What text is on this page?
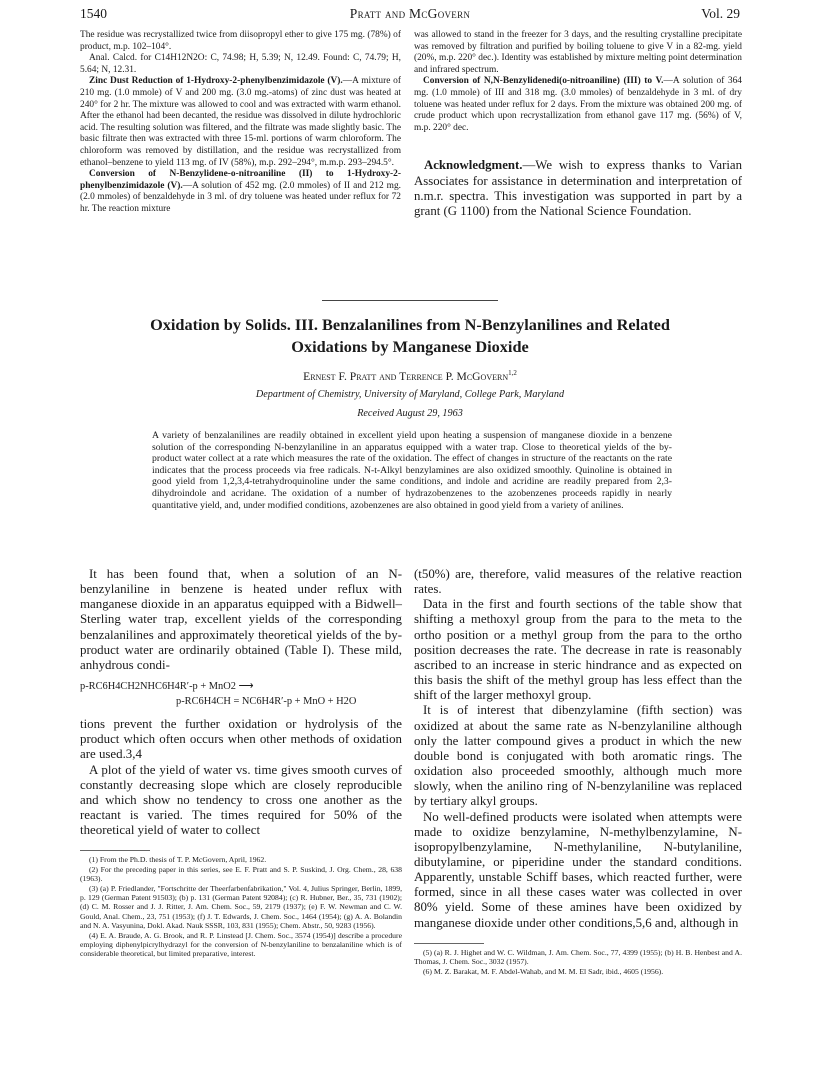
1540	Pratt and McGovern	Vol. 29

The residue was recrystallized twice from diisopropyl ether to give 175 mg. (78%) of product, m.p. 102–104°.

Anal. Calcd. for C14H12N2O: C, 74.98; H, 5.39; N, 12.49. Found: C, 74.79; H, 5.64; N, 12.31.

Zinc Dust Reduction of 1-Hydroxy-2-phenylbenzimidazole (V).—A mixture of 210 mg. (1.0 mmole) of V and 200 mg. (3.0 mg.-atoms) of zinc dust was heated at 240° for 2 hr. The mixture was allowed to cool and was extracted with warm ethanol. After the ethanol had been decanted, the residue was dissolved in dilute hydrochloric acid. The resulting solution was filtered, and the filtrate was made slightly basic. The basic filtrate then was extracted with three 15-ml. portions of warm chloroform. The chloroform was removed by distillation, and the residue was recrystallized from ethanol–benzene to yield 113 mg. of IV (58%), m.p. 292–294°, m.m.p. 293–294.5°.

Conversion of N-Benzylidene-o-nitroaniline (II) to 1-Hydroxy-2-phenylbenzimidazole (V).—A solution of 452 mg. (2.0 mmoles) of II and 212 mg. (2.0 mmoles) of benzaldehyde in 3 ml. of dry toluene was heated under reflux for 72 hr. The reaction mixture

was allowed to stand in the freezer for 3 days, and the resulting crystalline precipitate was removed by filtration and purified by boiling toluene to give V in a 82-mg. yield (20%, m.p. 220° dec.). Identity was established by mixture melting point determination and infrared spectrum.

Conversion of N,N-Benzylidenedi(o-nitroaniline) (III) to V.—A solution of 364 mg. (1.0 mmole) of III and 318 mg. (3.0 mmoles) of benzaldehyde in 3 ml. of dry toluene was heated under reflux for 2 days. From the mixture was obtained 200 mg. of crude product which upon recrystallization from ethanol gave 117 mg. (56%) of V, m.p. 220° dec.

Acknowledgment.—We wish to express thanks to Varian Associates for assistance in determination and interpretation of n.m.r. spectra. This investigation was supported in part by a grant (G 1100) from the National Science Foundation.

Oxidation by Solids. III. Benzalanilines from N-Benzylanilines and Related
Oxidations by Manganese Dioxide
Ernest F. Pratt and Terrence P. McGovern$^{1,2}$
Department of Chemistry, University of Maryland, College Park, Maryland
Received August 29, 1963
A variety of benzalanilines are readily obtained in excellent yield upon heating a suspension of manganese dioxide in a benzene solution of the corresponding N-benzylaniline in an apparatus equipped with a water trap. Close to theoretical yields of the by-product water collect at a rate which measures the rate of the oxidation. The effect of changes in structure of the reactants on the rate indicates that the process proceeds via free radicals. N-t-Alkyl benzylamines are also oxidized smoothly. Quinoline is obtained in good yield from 1,2,3,4-tetrahydroquinoline under the same conditions, and indole and acridine are readily prepared from 2,3-dihydroindole and acridane. The oxidation of a number of hydrazobenzenes to the azobenzenes proceeds rapidly in nearly quantitative yield, and, under modified conditions, azobenzenes are also obtained in good yield from a variety of anilines.

It has been found that, when a solution of an N-benzylaniline in benzene is heated under reflux with manganese dioxide in an apparatus equipped with a Bidwell–Sterling water trap, excellent yields of the corresponding benzalanilines and approximately theoretical yields of the by-product water are ordinarily obtained (Table I). These mild, anhydrous condi-

p-RC6H4CH2NHC6H4R′-p + MnO2 ⟶
p-RC6H4CH = NC6H4R′-p + MnO + H2O

tions prevent the further oxidation or hydrolysis of the product which often occurs when other methods of oxidation are used.3,4

A plot of the yield of water vs. time gives smooth curves of constantly decreasing slope which are closely reproducible and which show no tendency to cross one another as the reactant is varied. The times required for 50% of the theoretical yield of water to collect

(1) From the Ph.D. thesis of T. P. McGovern, April, 1962.

(2) For the preceding paper in this series, see E. F. Pratt and S. P. Suskind, J. Org. Chem., 28, 638 (1963).

(3) (a) P. Friedlander, "Fortschritte der Theerfarbenfabrikation," Vol. 4, Julius Springer, Berlin, 1899, p. 129 (German Patent 91503); (b) p. 131 (German Patent 92084); (c) R. Hubner, Ber., 35, 731 (1902); (d) C. M. Rosser and J. J. Ritter, J. Am. Chem. Soc., 59, 2179 (1937); (e) F. W. Newman and C. W. Gould, Anal. Chem., 23, 751 (1953); (f) J. T. Edwards, J. Chem. Soc., 1464 (1954); (g) A. A. Bolandin and N. A. Vasyunina, Dokl. Akad. Nauk SSSR, 103, 831 (1955); Chem. Abstr., 50, 9283 (1956).

(4) E. A. Braude, A. G. Brook, and R. P. Linstead [J. Chem. Soc., 3574 (1954)] describe a procedure employing diphenylpicrylhydrazyl for the conversion of N-benzylaniline to benzalaniline which is of considerable theoretical, but limited preparative, interest.

(t50%) are, therefore, valid measures of the relative reaction rates.

Data in the first and fourth sections of the table show that shifting a methoxyl group from the para to the meta to the ortho position or a methyl group from the para to the ortho position decreases the rate. The decrease in rate is reasonably ascribed to an increase in steric hindrance and as expected on this basis the shift of the methyl group has less effect than the shift of the larger methoxyl group.

It is of interest that dibenzylamine (fifth section) was oxidized at about the same rate as N-benzylaniline although only the latter compound gives a product in which the new double bond is conjugated with both aromatic rings. The oxidation also proceeded smoothly, although much more slowly, when the anilino ring of N-benzylaniline was replaced by tertiary alkyl groups.

No well-defined products were isolated when attempts were made to oxidize benzylamine, N-methylbenzylamine, N-isopropylbenzylamine, N-methylaniline, N-butylaniline, dibutylamine, or piperidine under the standard conditions. Apparently, unstable Schiff bases, which reacted further, were formed, since in all these cases water was collected in over 80% yield. Some of these amines have been oxidized by manganese dioxide under other conditions,5,6 and, although in

(5) (a) R. J. Highet and W. C. Wildman, J. Am. Chem. Soc., 77, 4399 (1955); (b) H. B. Henbest and A. Thomas, J. Chem. Soc., 3032 (1957).

(6) M. Z. Barakat, M. F. Abdel-Wahab, and M. M. El Sadr, ibid., 4605 (1956).
